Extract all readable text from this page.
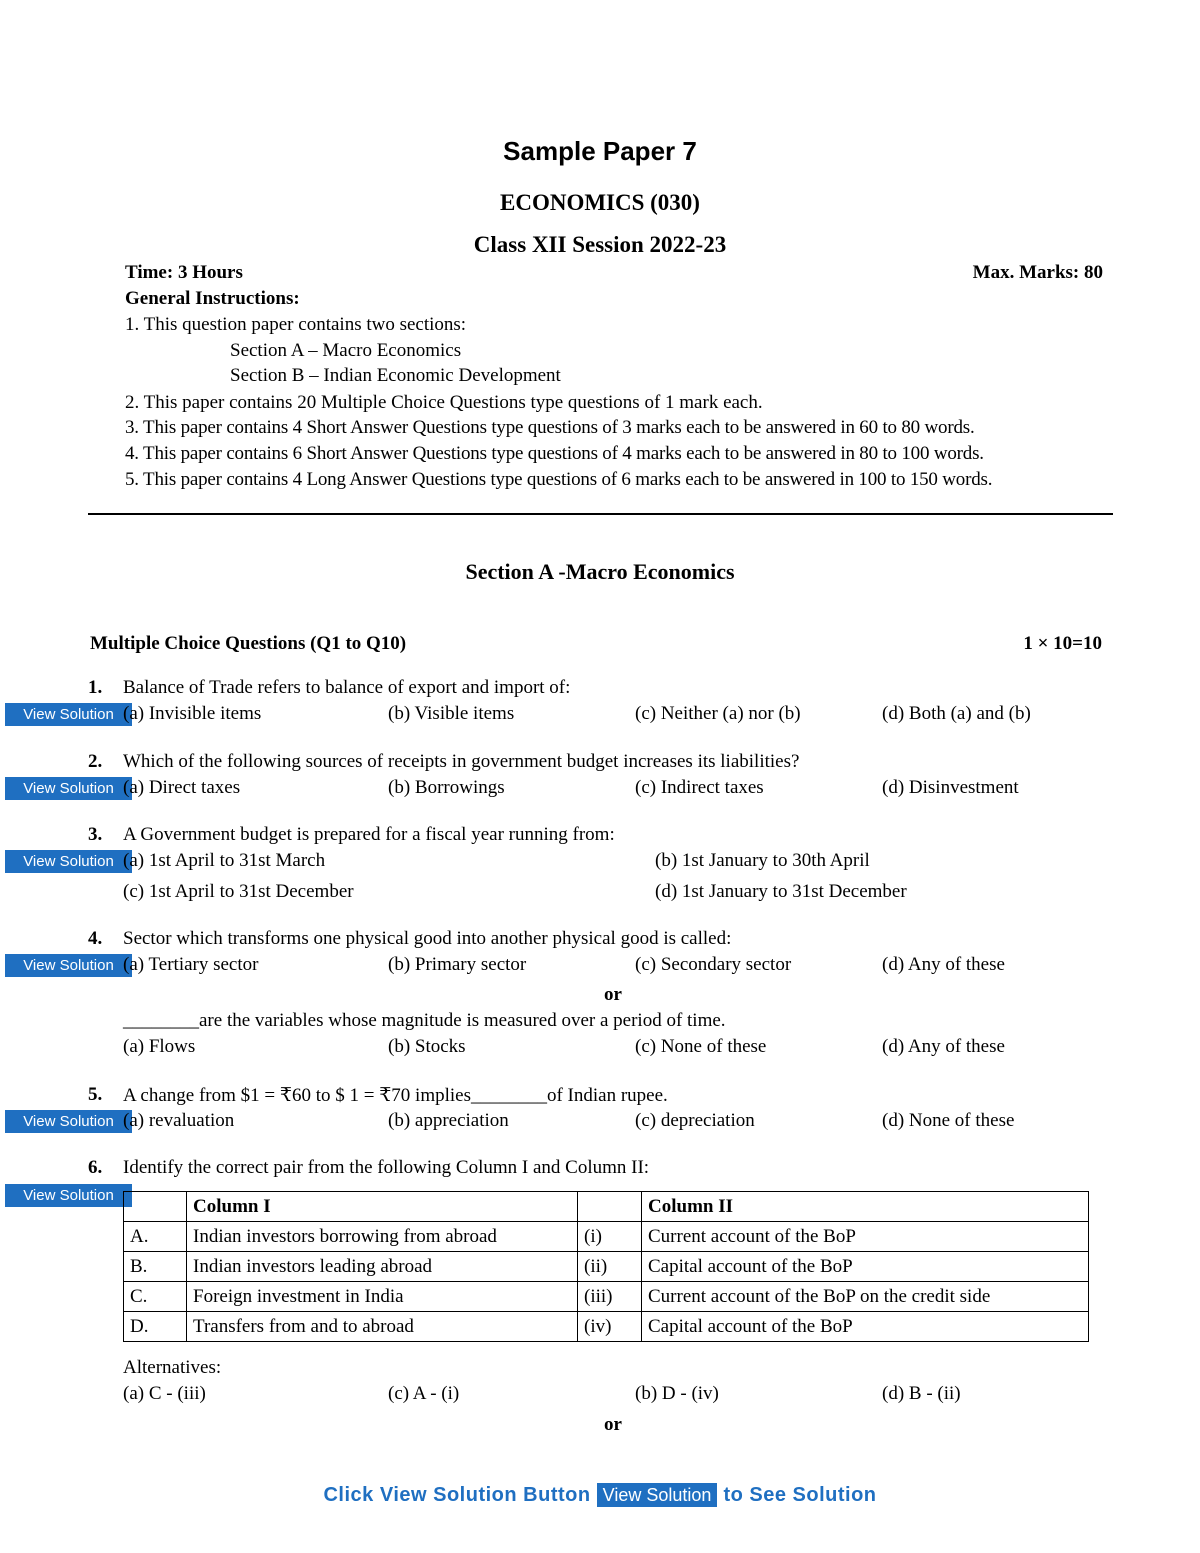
Sample Paper 7
ECONOMICS (030)
Class XII Session 2022-23
Time: 3 Hours	Max. Marks: 80
General Instructions:
1. This question paper contains two sections:
Section A – Macro Economics
Section B – Indian Economic Development
2. This paper contains 20 Multiple Choice Questions type questions of 1 mark each.
3. This paper contains 4 Short Answer Questions type questions of 3 marks each to be answered in 60 to 80 words.
4. This paper contains 6 Short Answer Questions type questions of 4 marks each to be answered in 80 to 100 words.
5. This paper contains 4 Long Answer Questions type questions of 6 marks each to be answered in 100 to 150 words.
Section A -Macro Economics
Multiple Choice Questions (Q1 to Q10)	1 × 10=10
1. Balance of Trade refers to balance of export and import of:
View Solution (a) Invisible items	(b) Visible items	(c) Neither (a) nor (b)	(d) Both (a) and (b)
2. Which of the following sources of receipts in government budget increases its liabilities?
View Solution (a) Direct taxes	(b) Borrowings	(c) Indirect taxes	(d) Disinvestment
3. A Government budget is prepared for a fiscal year running from:
View Solution (a) 1st April to 31st March	(b) 1st January to 30th April
(c) 1st April to 31st December	(d) 1st January to 31st December
4. Sector which transforms one physical good into another physical good is called:
View Solution (a) Tertiary sector	(b) Primary sector	(c) Secondary sector	(d) Any of these
or
________are the variables whose magnitude is measured over a period of time.
(a) Flows	(b) Stocks	(c) None of these	(d) Any of these
5. A change from $1 = ₹60 to $ 1 = ₹70 implies________of Indian rupee.
View Solution (a) revaluation	(b) appreciation	(c) depreciation	(d) None of these
6. Identify the correct pair from the following Column I and Column II:
View Solution
		Column I		Column II
A.	Indian investors borrowing from abroad	(i)	Current account of the BoP
B.	Indian investors leading abroad	(ii)	Capital account of the BoP
C.	Foreign investment in India	(iii)	Current account of the BoP on the credit side
D.	Transfers from and to abroad	(iv)	Capital account of the BoP
Alternatives:
(a) C - (iii)	(c) A - (i)	(b) D - (iv)	(d) B - (ii)
or
Click View Solution Button View Solution to See Solution
